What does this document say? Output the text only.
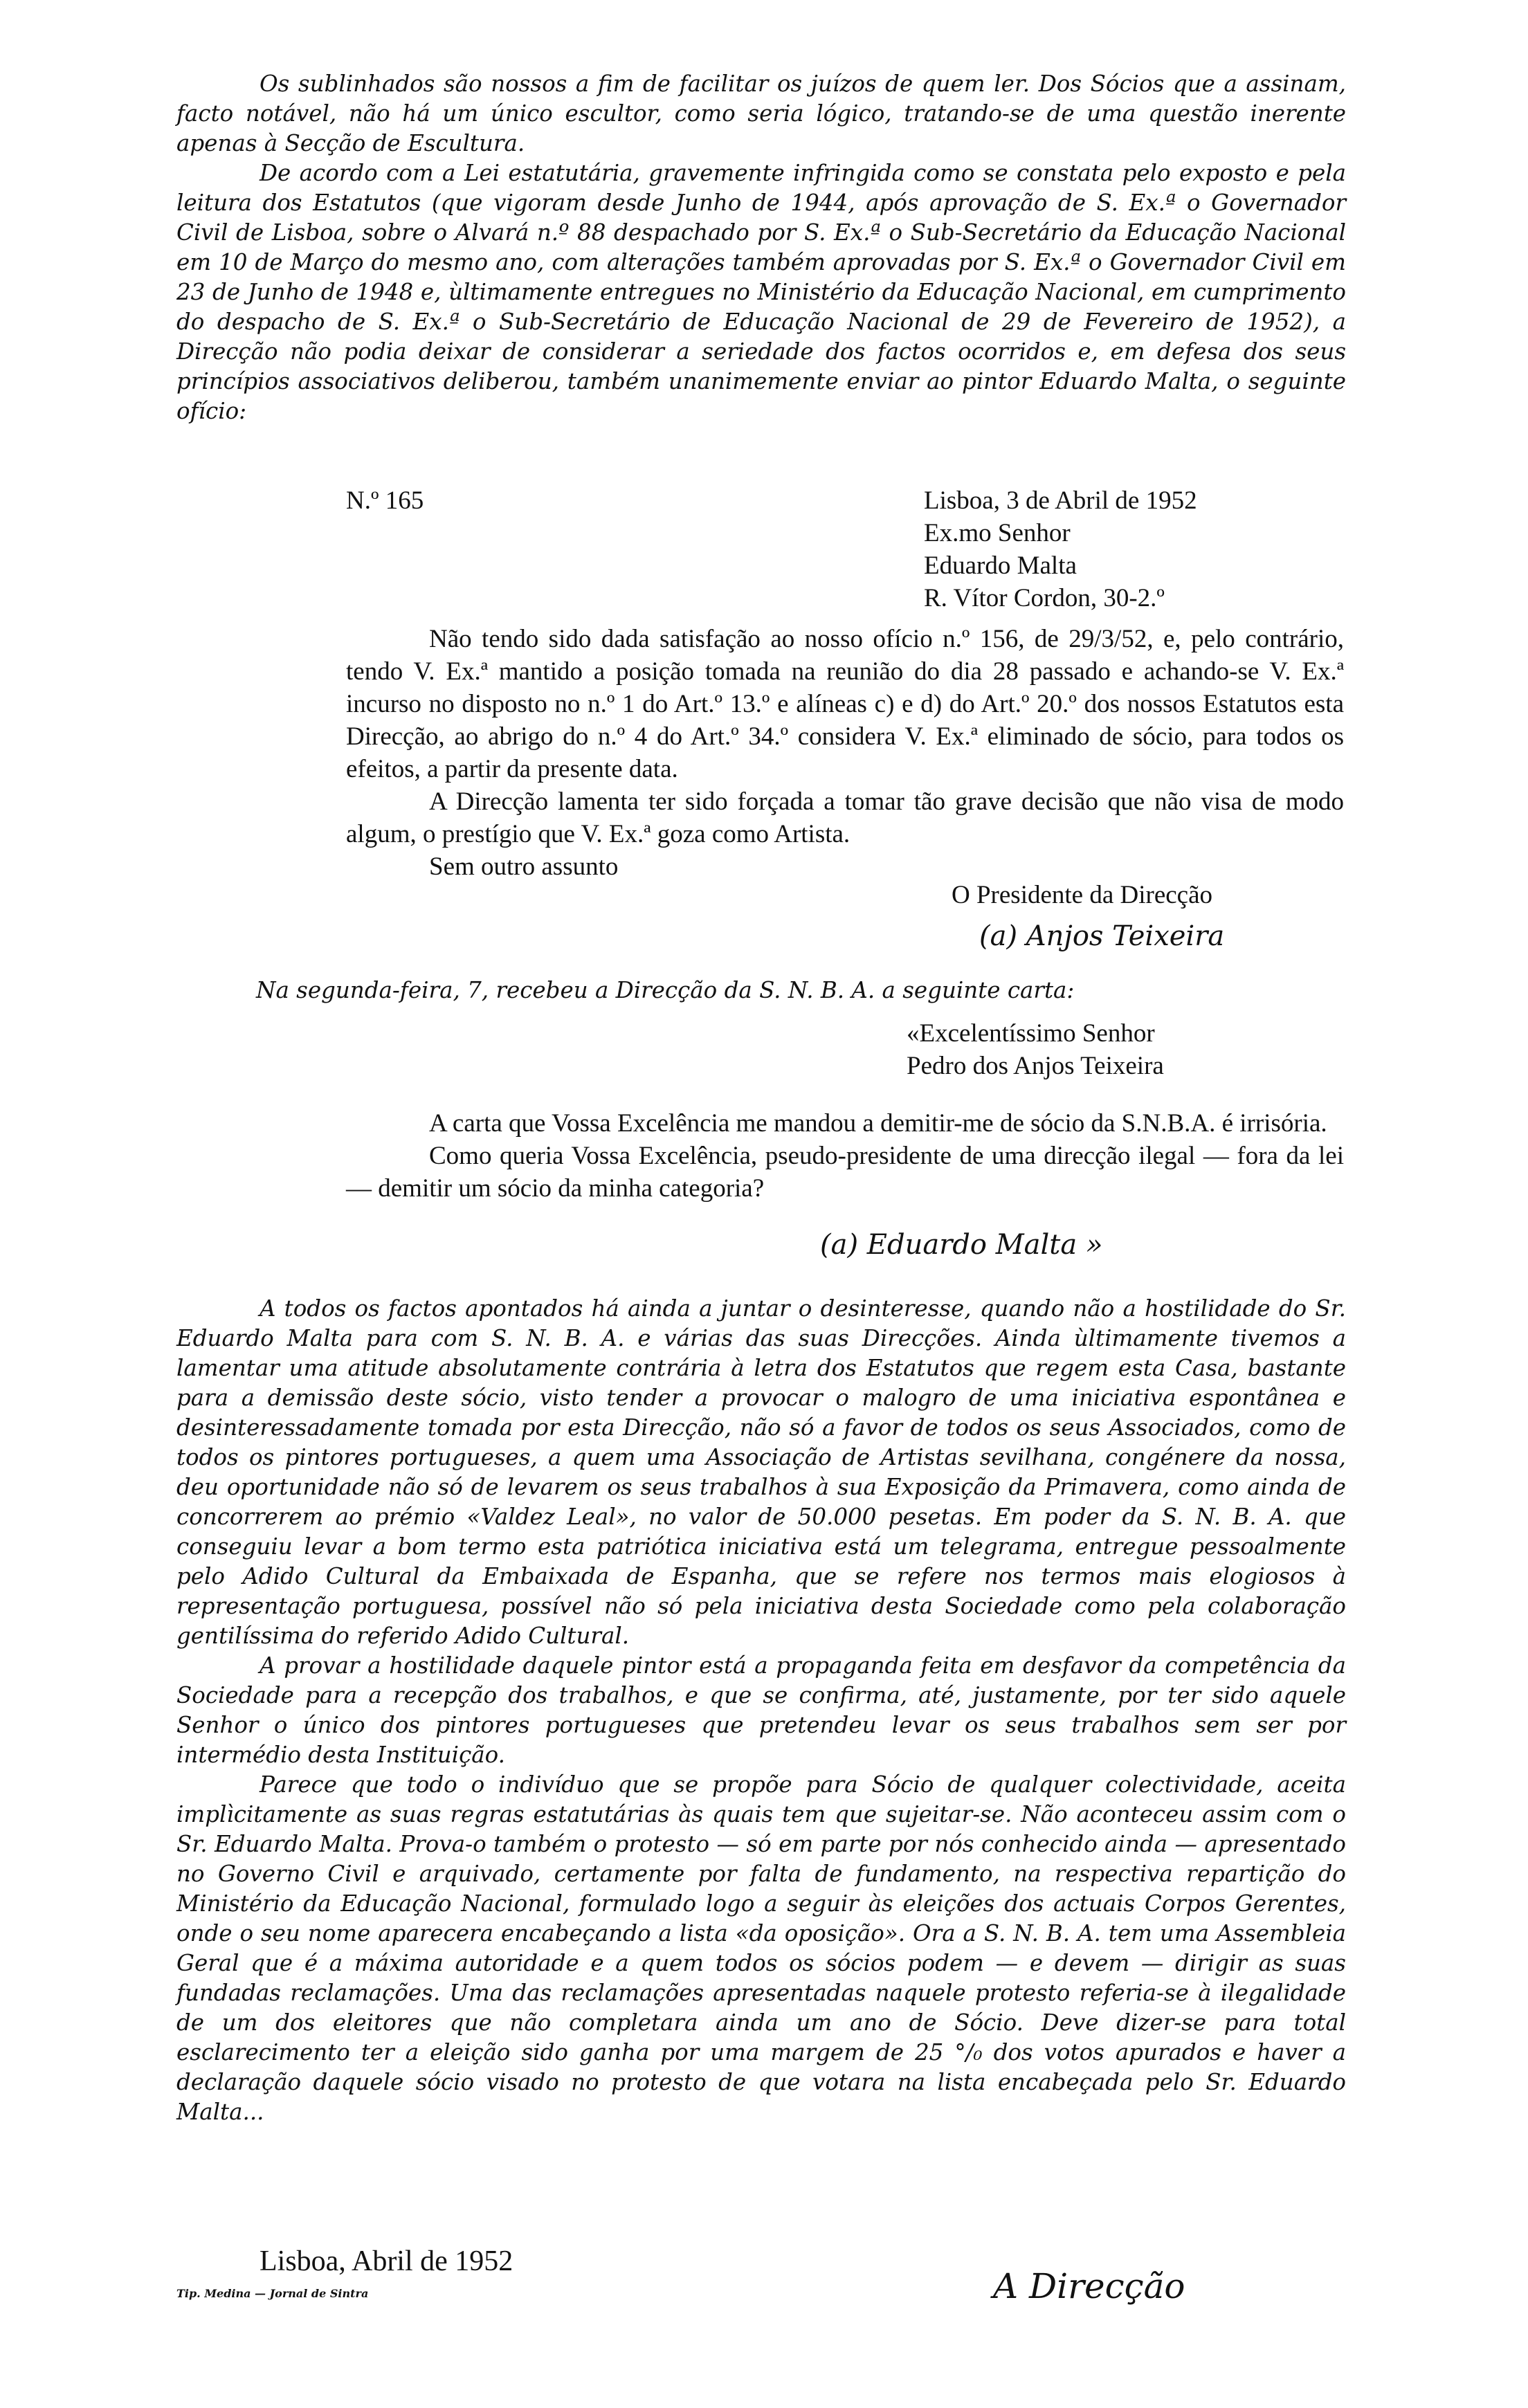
Os sublinhados são nossos a fim de facilitar os juízos de quem ler. Dos Sócios que a assinam, facto notável, não há um único escultor, como seria lógico, tratando-se de uma questão inerente apenas à Secção de Escultura.

De acordo com a Lei estatutária, gravemente infringida como se constata pelo exposto e pela leitura dos Estatutos (que vigoram desde Junho de 1944, após aprovação de S. Ex.ª o Governador Civil de Lisboa, sobre o Alvará n.º 88 despachado por S. Ex.ª o Sub-Secretário da Educação Nacional em 10 de Março do mesmo ano, com alterações também aprovadas por S. Ex.ª o Governador Civil em 23 de Junho de 1948 e, ùltimamente entregues no Ministério da Educação Nacional, em cumprimento do despacho de S. Ex.ª o Sub-Secretário de Educação Nacional de 29 de Fevereiro de 1952), a Direcção não podia deixar de considerar a seriedade dos factos ocorridos e, em defesa dos seus princípios associativos deliberou, também unanimemente enviar ao pintor Eduardo Malta, o seguinte ofício:

N.º 165	Lisboa, 3 de Abril de 1952

Ex.mo Senhor

Eduardo Malta

R. Vítor Cordon, 30-2.º

Não tendo sido dada satisfação ao nosso ofício n.º 156, de 29/3/52, e, pelo contrário, tendo V. Ex.ª mantido a posição tomada na reunião do dia 28 passado e achando-se V. Ex.ª incurso no disposto no n.º 1 do Art.º 13.º e alíneas c) e d) do Art.º 20.º dos nossos Estatutos esta Direcção, ao abrigo do n.º 4 do Art.º 34.º considera V. Ex.ª eliminado de sócio, para todos os efeitos, a partir da presente data.

A Direcção lamenta ter sido forçada a tomar tão grave decisão que não visa de modo algum, o prestígio que V. Ex.ª goza como Artista.

Sem outro assunto

O Presidente da Direcção
(a) Anjos Teixeira
Na segunda-feira, 7, recebeu a Direcção da S. N. B. A. a seguinte carta:

«Excelentíssimo Senhor

Pedro dos Anjos Teixeira

A carta que Vossa Excelência me mandou a demitir-me de sócio da S.N.B.A. é irrisória.

Como queria Vossa Excelência, pseudo-presidente de uma direcção ilegal — fora da lei — demitir um sócio da minha categoria?

(a) Eduardo Malta »

A todos os factos apontados há ainda a juntar o desinteresse, quando não a hostilidade do Sr. Eduardo Malta para com S. N. B. A. e várias das suas Direcções. Ainda ùltimamente tivemos a lamentar uma atitude absolutamente contrária à letra dos Estatutos que regem esta Casa, bastante para a demissão deste sócio, visto tender a provocar o malogro de uma iniciativa espontânea e desinteressadamente tomada por esta Direcção, não só a favor de todos os seus Associados, como de todos os pintores portugueses, a quem uma Associação de Artistas sevilhana, congénere da nossa, deu oportunidade não só de levarem os seus trabalhos à sua Exposição da Primavera, como ainda de concorrerem ao prémio «Valdez Leal», no valor de 50.000 pesetas. Em poder da S. N. B. A. que conseguiu levar a bom termo esta patriótica iniciativa está um telegrama, entregue pessoalmente pelo Adido Cultural da Embaixada de Espanha, que se refere nos termos mais elogiosos à representação portuguesa, possível não só pela iniciativa desta Sociedade como pela colaboração gentilíssima do referido Adido Cultural.

A provar a hostilidade daquele pintor está a propaganda feita em desfavor da competência da Sociedade para a recepção dos trabalhos, e que se confirma, até, justamente, por ter sido aquele Senhor o único dos pintores portugueses que pretendeu levar os seus trabalhos sem ser por intermédio desta Instituição.

Parece que todo o indivíduo que se propõe para Sócio de qualquer colectividade, aceita implìcitamente as suas regras estatutárias às quais tem que sujeitar-se. Não aconteceu assim com o Sr. Eduardo Malta. Prova-o também o protesto — só em parte por nós conhecido ainda — apresentado no Governo Civil e arquivado, certamente por falta de fundamento, na respectiva repartição do Ministério da Educação Nacional, formulado logo a seguir às eleições dos actuais Corpos Gerentes, onde o seu nome aparecera encabeçando a lista «da oposição». Ora a S. N. B. A. tem uma Assembleia Geral que é a máxima autoridade e a quem todos os sócios podem — e devem — dirigir as suas fundadas reclamações. Uma das reclamações apresentadas naquele protesto referia-se à ilegalidade de um dos eleitores que não completara ainda um ano de Sócio. Deve dizer-se para total esclarecimento ter a eleição sido ganha por uma margem de 25 °/₀ dos votos apurados e haver a declaração daquele sócio visado no protesto de que votara na lista encabeçada pelo Sr. Eduardo Malta...

Lisboa, Abril de 1952
Tip. Medina — Jornal de Sintra	A Direcção
